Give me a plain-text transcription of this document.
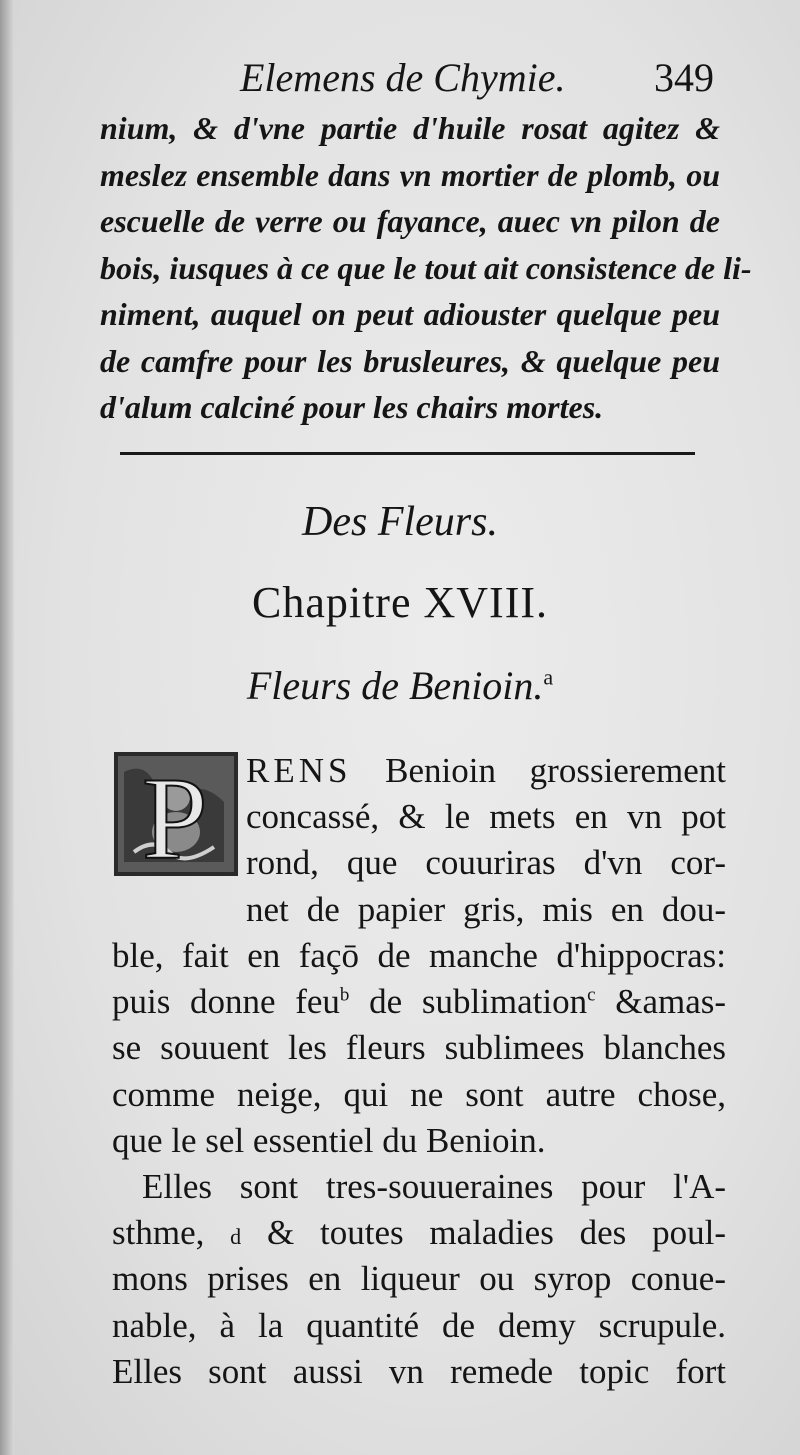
Elemens de Chymie. 349
nium, & d'vne partie d'huile rosat agitez &
meslez ensemble dans vn mortier de plomb, ou
escuelle de verre ou fayance, auec vn pilon de
bois, iusques à ce que le tout ait consistence de li-
niment, auquel on peut adiouster quelque peu
de camfre pour les brusleures, & quelque peu
d'alum calciné pour les chairs mortes.
Des Fleurs.
Chapitre XVIII.
Fleurs de Benioin.$^a$
P RENS Benioin grossierement
concassé, & le mets en vn pot
rond, que couuriras d'vn cor-
net de papier gris, mis en dou-
ble, fait en façō de manche d'hippocras:
puis donne feu$^b$ de sublimation$^c$ &amas-
se souuent les fleurs sublimees blanches
comme neige, qui ne sont autre chose,
que le sel essentiel du Benioin.
Elles sont tres-souueraines pour l'A-
sthme, d & toutes maladies des poul-
mons prises en liqueur ou syrop conue-
nable, à la quantité de demy scrupule.
Elles sont aussi vn remede topic fort
